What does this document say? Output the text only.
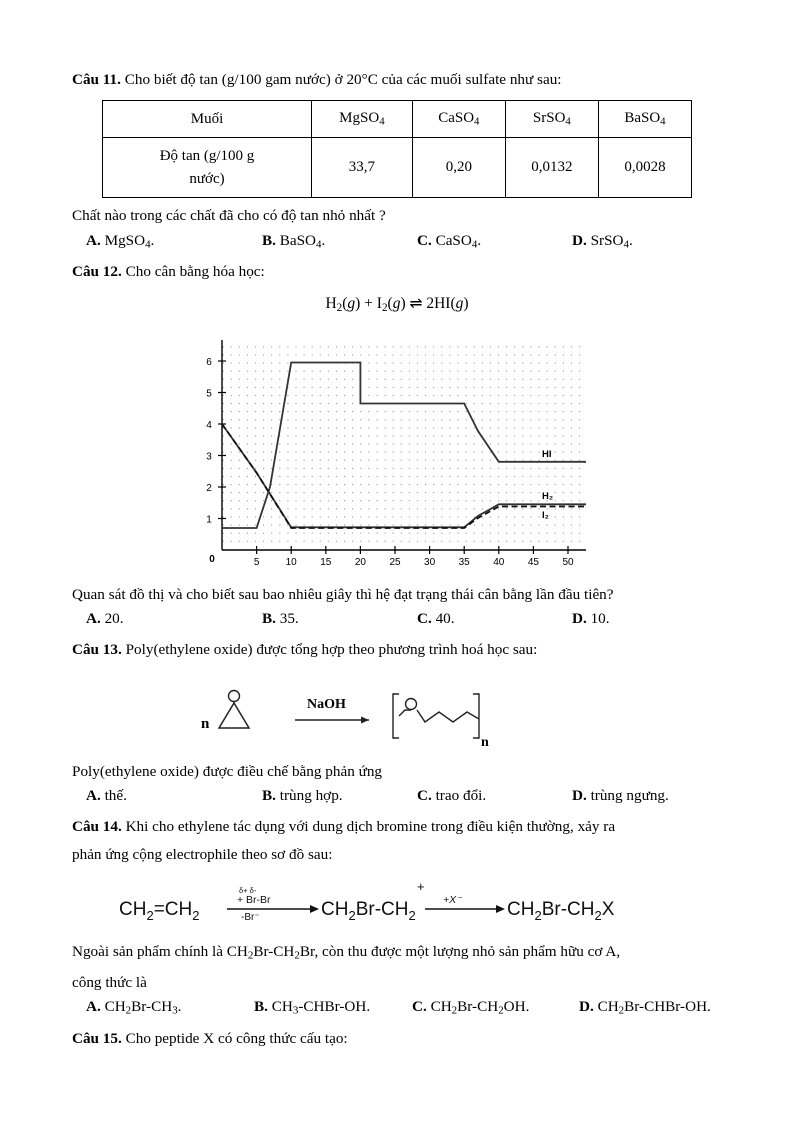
Câu 11. Cho biết độ tan (g/100 gam nước) ở 20°C của các muối sulfate như sau:

Muối	MgSO$_4$	CaSO$_4$	SrSO$_4$	BaSO$_4$
Độ tan (g/100 g
nước)	33,7	0,20	0,0132	0,0028

Chất nào trong các chất đã cho có độ tan nhỏ nhất ?

A. MgSO$_4$.	B. BaSO$_4$.	C. CaSO$_4$.	D. SrSO$_4$.

Câu 12. Cho cân bằng hóa học:

$H_2(g) + I_2(g)$ ⇌ 2HI(g)
1
2
3
4
5
6
0	5	10 15 20 25 30 35 40 45 50
HI
H₂
I₂

Quan sát đồ thị và cho biết sau bao nhiêu giây thì hệ đạt trạng thái cân bằng lần đầu tiên?

A. 20.	B. 35.	C. 40.	D. 10.

Câu 13. Poly(ethylene oxide) được tổng hợp theo phương trình hoá học sau:

n
NaOH
n

Poly(ethylene oxide) được điều chế bằng phản ứng

A. thế.	B. trùng hợp.	C. trao đổi.	D. trùng ngưng.

Câu 14. Khi cho ethylene tác dụng với dung dịch bromine trong điều kiện thường, xảy ra

phản ứng cộng electrophile theo sơ đồ sau:

$CH_2=CH_2$	$CH_2Br-CH_2$	$CH_2Br-CH_2X$
+
+ Br-Br
δ+ δ-
-Br⁻
+X⁻

Ngoài sản phẩm chính là $CH_2Br-CH_2Br$, còn thu được một lượng nhỏ sản phẩm hữu cơ A,

công thức là

A. $CH_2Br-CH_3$.	B. $CH_3-CHBr-OH$.	C. $CH_2Br-CH_2OH$.	D. $CH_2Br-CHBr-OH$.

Câu 15. Cho peptide X có công thức cấu tạo:
